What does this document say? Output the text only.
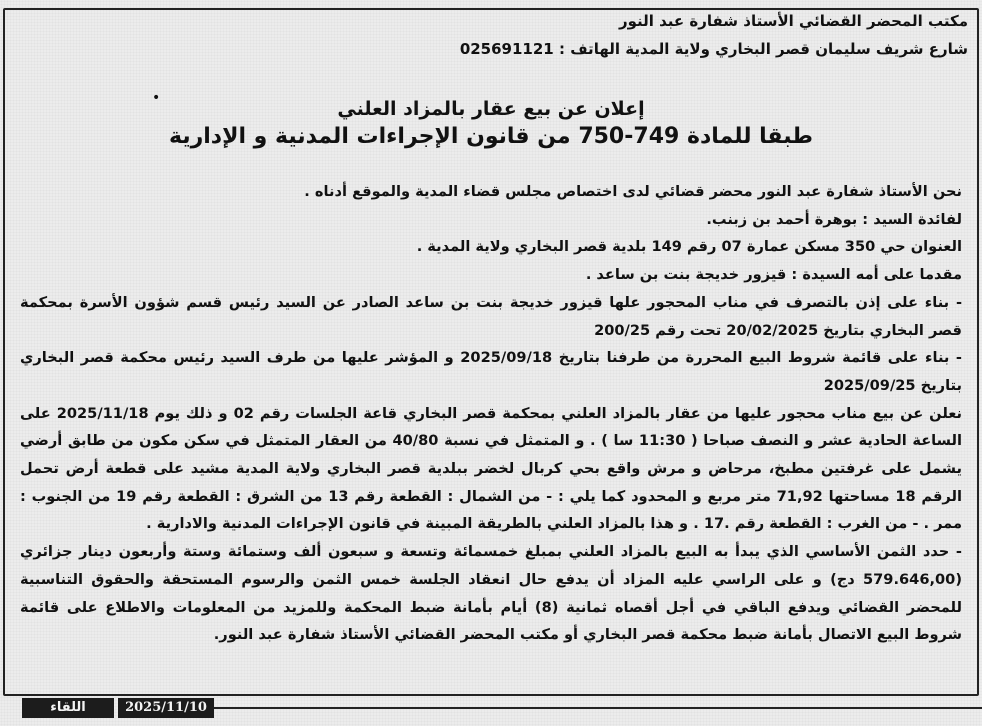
مكتب المحضر القضائي الأستاذ شفارة عبد النور
شارع شريف سليمان قصر البخاري ولاية المدية الهاتف : 025691121
•	إعلان عن بيع عقار بالمزاد العلني
طبقا للمادة 749-750 من قانون الإجراءات المدنية و الإدارية

نحن الأستاذ شفارة عبد النور محضر قضائي لدى اختصاص مجلس قضاء المدية والموقع أدناه .

لفائدة السيد : بوهرة أحمد بن زبنب.

العنوان حي 350 مسكن عمارة 07 رقم 149 بلدية قصر البخاري ولاية المدية .

مقدما على أمه السيدة : قيزور خديجة بنت بن ساعد .

- بناء على إذن بالتصرف في مناب المحجور علها قيزور خديجة بنت بن ساعد الصادر عن السيد رئيس قسم شؤون الأسرة بمحكمة قصر البخاري بتاريخ 20/02/2025 تحت رقم 200/25

- بناء على قائمة شروط البيع المحررة من طرفنا بتاريخ 2025/09/18 و المؤشر عليها من طرف السيد رئيس محكمة قصر البخاري بتاريخ 2025/09/25

نعلن عن بيع مناب محجور عليها من عقار بالمزاد العلني بمحكمة قصر البخاري قاعة الجلسات رقم 02 و ذلك يوم 2025/11/18 على الساعة الحادية عشر و النصف صباحا ( 11:30 سا ) . و المتمثل في نسبة 40/80 من العقار المتمثل في سكن مكون من طابق أرضي يشمل على غرفتين مطبخ، مرحاض و مرش واقع بحي كربال لخضر ببلدية قصر البخاري ولاية المدية مشيد على قطعة أرض تحمل الرقم 18 مساحتها 71,92 متر مربع و المحدود كما يلي : - من الشمال : القطعة رقم 13 من الشرق : القطعة رقم 19 من الجنوب : ممر . - من الغرب : القطعة رقم .17 . و هذا بالمزاد العلني بالطريقة المبينة في قانون الإجراءات المدنية والادارية .

- حدد الثمن الأساسي الذي يبدأ به البيع بالمزاد العلني بمبلغ خمسمائة وتسعة و سبعون ألف وستمائة وستة وأربعون دينار جزائري (579.646,00 دج) و على الراسي عليه المزاد أن يدفع حال انعقاد الجلسة خمس الثمن والرسوم المستحقة والحقوق التناسبية للمحضر القضائي ويدفع الباقي في أجل أقصاه ثمانية (8) أيام بأمانة ضبط المحكمة وللمزيد من المعلومات والاطلاع على قائمة شروط البيع الاتصال بأمانة ضبط محكمة قصر البخاري أو مكتب المحضر القضائي الأستاذ شفارة عبد النور.

اللقاء	2025/11/10
